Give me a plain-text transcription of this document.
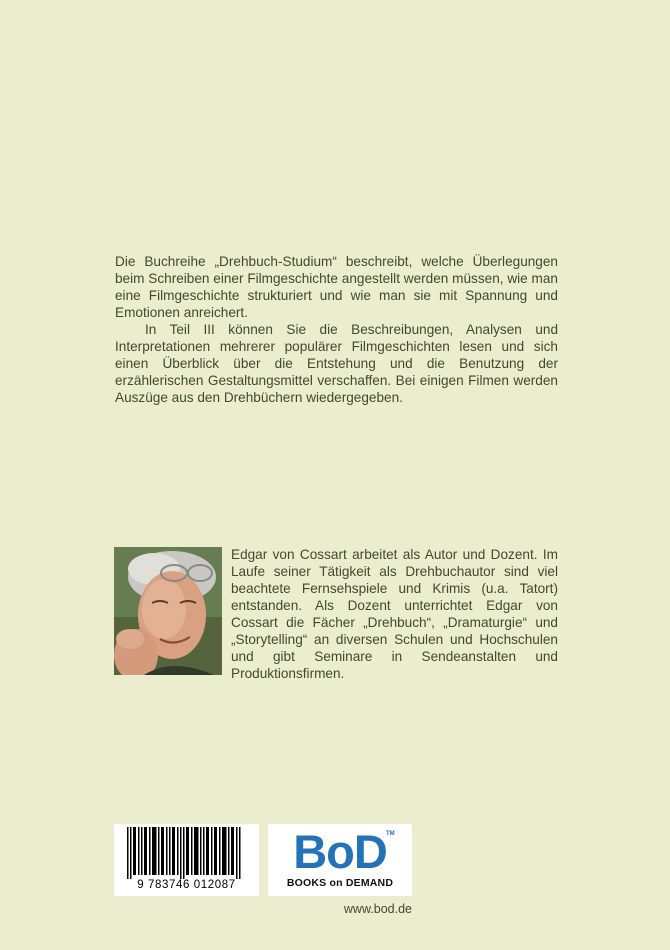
Die Buchreihe „Drehbuch-Studium“ beschreibt, welche Überlegungen beim Schreiben einer Filmgeschichte angestellt werden müssen, wie man eine Filmgeschichte strukturiert und wie man sie mit Spannung und Emotionen anreichert.

In Teil III können Sie die Beschreibungen, Analysen und Interpretationen mehrerer populärer Filmgeschichten lesen und sich einen Überblick über die Entstehung und die Benutzung der erzählerischen Gestaltungsmittel verschaffen. Bei einigen Filmen werden Auszüge aus den Drehbüchern wiedergegeben.

Edgar von Cossart arbeitet als Autor und Dozent. Im Laufe seiner Tätigkeit als Drehbuchautor sind viel beachtete Fernsehspiele und Krimis (u.a. Tatort) entstanden. Als Dozent unterrichtet Edgar von Cossart die Fächer „Drehbuch“, „Dramaturgie“ und „Storytelling“ an diversen Schulen und Hochschulen und gibt Seminare in Sendeanstalten und Produktionsfirmen.

9 783746 012087
BoD TM
BOOKS on DEMAND
www.bod.de
